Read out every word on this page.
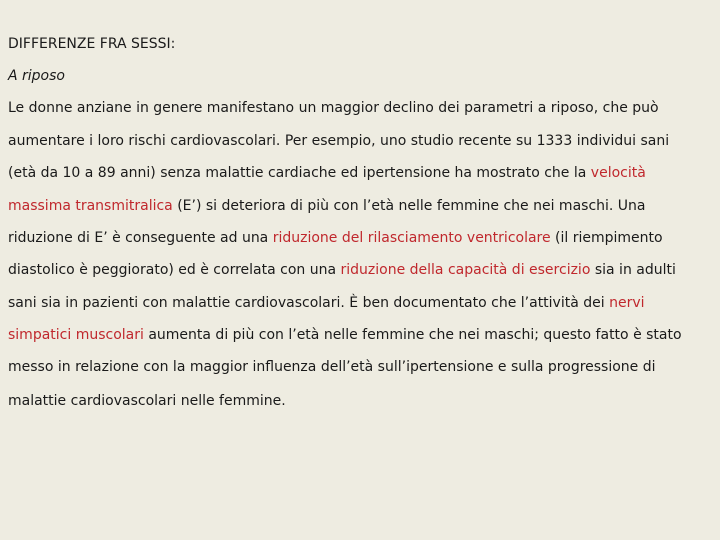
DIFFERENZE FRA SESSI:

A riposo

Le donne anziane in genere manifestano un maggior declino dei parametri a riposo, che può

aumentare i loro rischi cardiovascolari. Per esempio, uno studio recente su 1333 individui sani

(età da 10 a 89 anni) senza malattie cardiache ed ipertensione ha mostrato che la velocità

massima transmitralica (E’) si deteriora di più con l’età nelle femmine che nei maschi. Una

riduzione di E’ è conseguente ad una riduzione del rilasciamento ventricolare (il riempimento

diastolico è peggiorato) ed è correlata con una riduzione della capacità di esercizio sia in adulti

sani sia in pazienti con malattie cardiovascolari. È ben documentato che l’attività dei nervi

simpatici muscolari aumenta di più con l’età nelle femmine che nei maschi; questo fatto è stato

messo in relazione con la maggior influenza dell’età sull’ipertensione e sulla progressione di

malattie cardiovascolari nelle femmine.
